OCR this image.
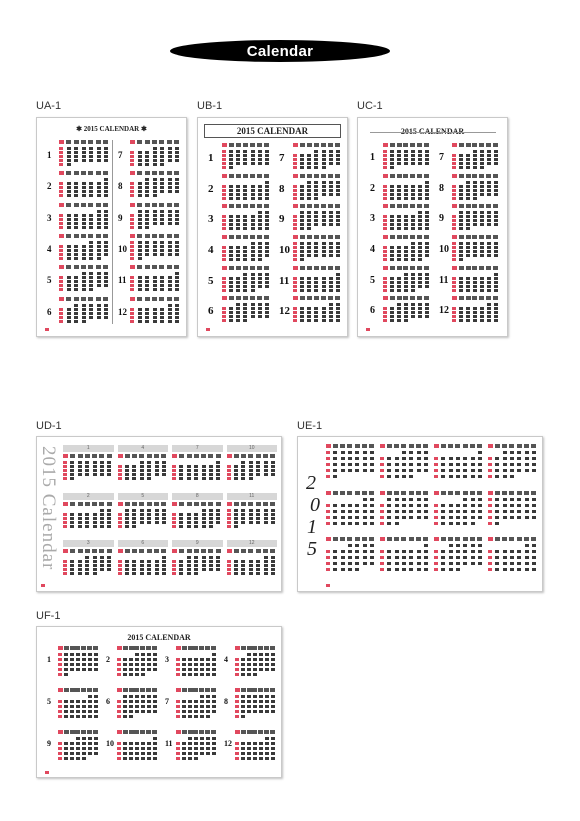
Calendar
UA-1	UB-1	UC-1
UD-1	UE-1
UF-1
✱ 2015 CALENDAR ✱
1	7
2	8
3	9
4	10
5	11
6	12
2015 CALENDAR
1	7
2	8
3	9
4	10
5	11
6	12
1	7
2	8
3	9
4	10
5	11
6	12
2015 Calendar	1	4	7	10
2	5	8	11
3	6	9	12
2
0
1
5
2015 CALENDAR
1	2	3	4
5	6	7	8
9	10	11	12
